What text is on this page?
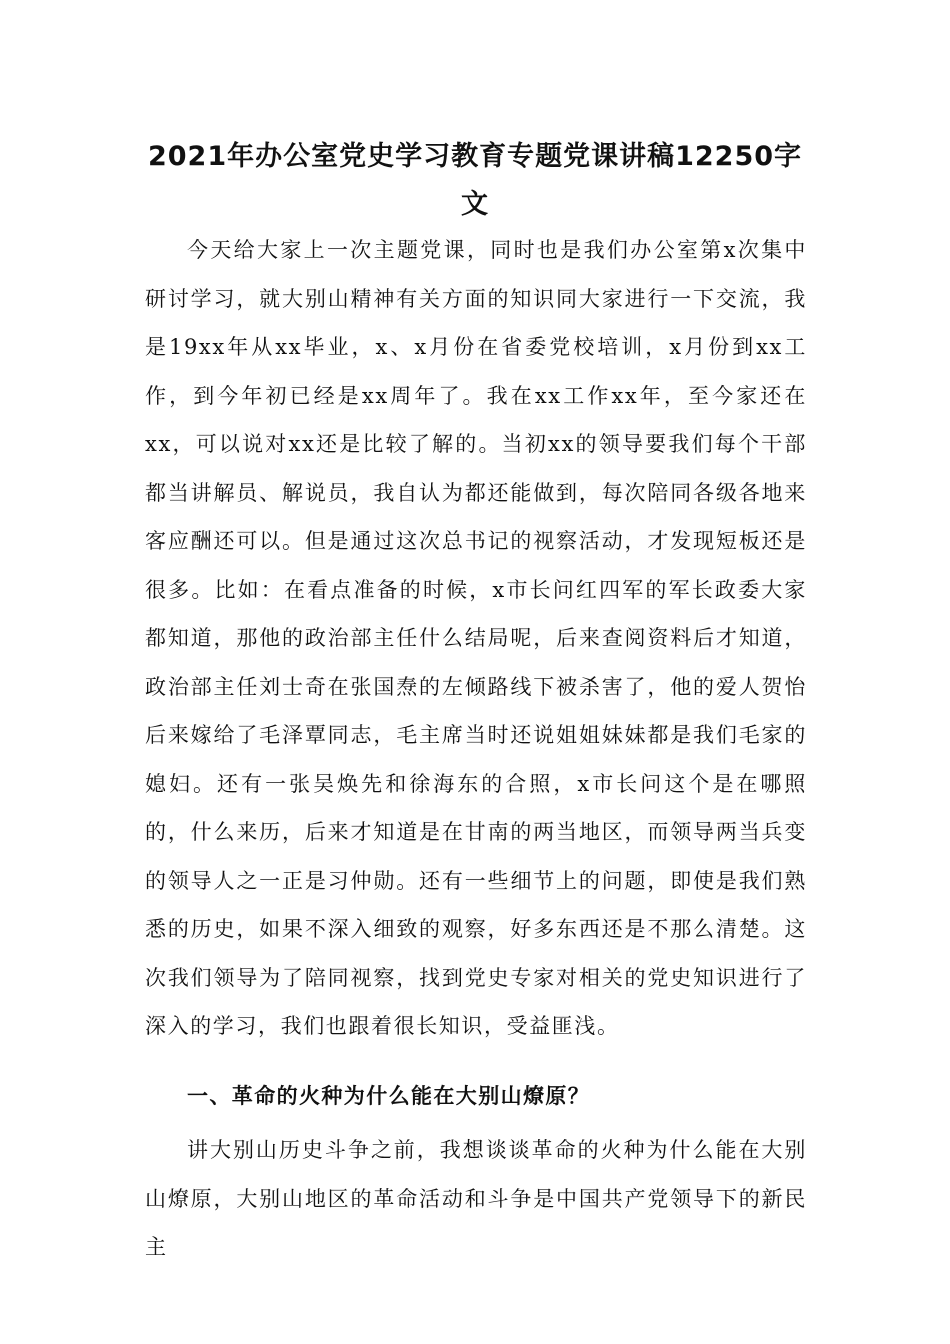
2021年办公室党史学习教育专题党课讲稿12250字
文

今天给大家上一次主题党课，同时也是我们办公室第x次集中研讨学习，就大别山精神有关方面的知识同大家进行一下交流，我是19xx年从xx毕业，x、x月份在省委党校培训，x月份到xx工作，到今年初已经是xx周年了。我在xx工作xx年，至今家还在xx，可以说对xx还是比较了解的。当初xx的领导要我们每个干部都当讲解员、解说员，我自认为都还能做到，每次陪同各级各地来客应酬还可以。但是通过这次总书记的视察活动，才发现短板还是很多。比如：在看点准备的时候，x市长问红四军的军长政委大家都知道，那他的政治部主任什么结局呢，后来查阅资料后才知道，政治部主任刘士奇在张国焘的左倾路线下被杀害了，他的爱人贺怡后来嫁给了毛泽覃同志，毛主席当时还说姐姐妹妹都是我们毛家的媳妇。还有一张吴焕先和徐海东的合照，x市长问这个是在哪照的，什么来历，后来才知道是在甘南的两当地区，而领导两当兵变的领导人之一正是习仲勋。还有一些细节上的问题，即使是我们熟悉的历史，如果不深入细致的观察，好多东西还是不那么清楚。这次我们领导为了陪同视察，找到党史专家对相关的党史知识进行了深入的学习，我们也跟着很长知识，受益匪浅。

一、革命的火种为什么能在大别山燎原？

讲大别山历史斗争之前，我想谈谈革命的火种为什么能在大别山燎原，大别山地区的革命活动和斗争是中国共产党领导下的新民主
